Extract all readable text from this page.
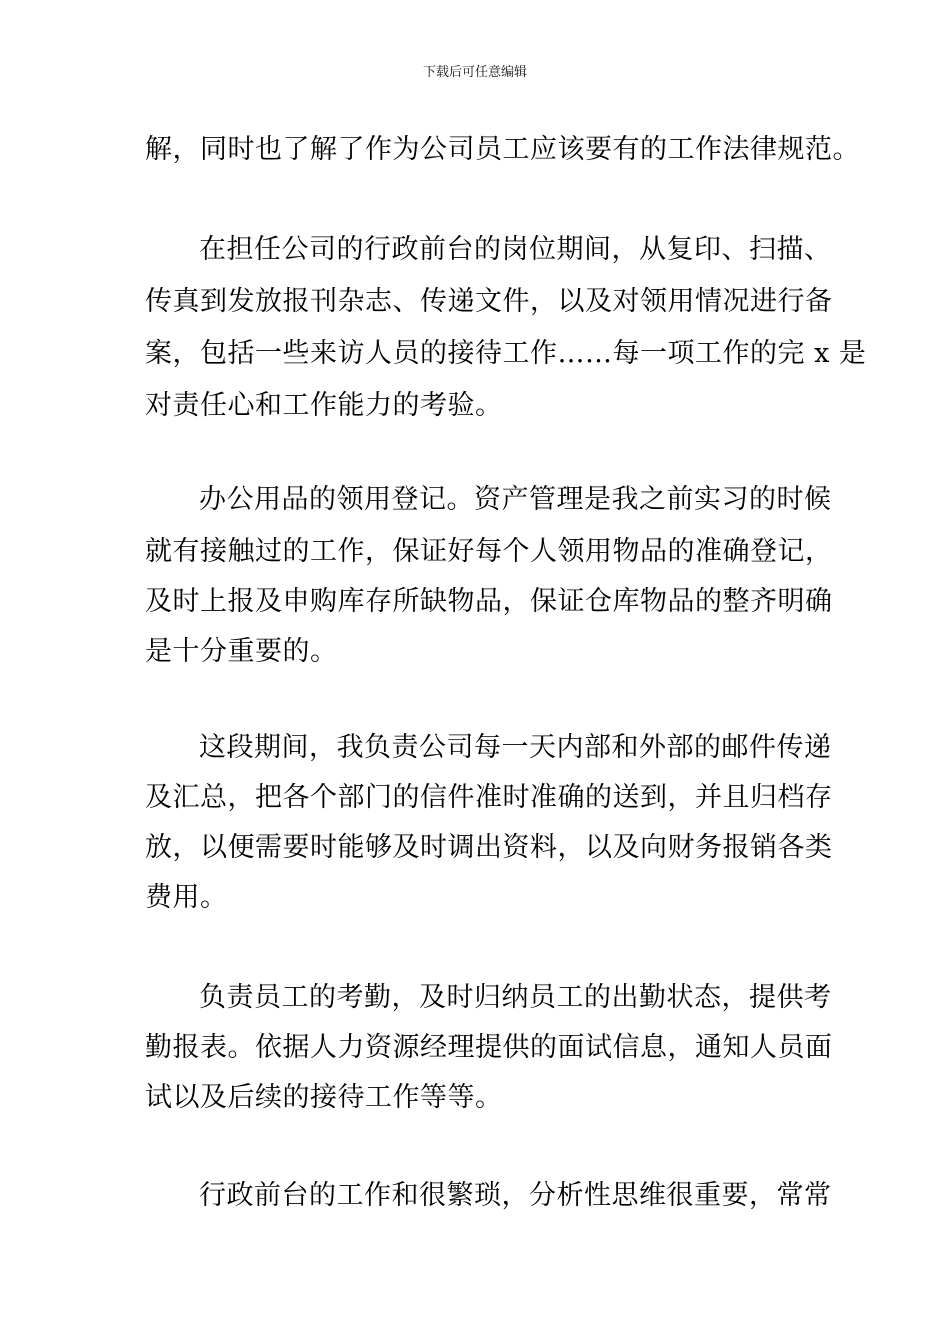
下载后可任意编辑
解，同时也了解了作为公司员工应该要有的工作法律规范。
在担任公司的行政前台的岗位期间，从复印、扫描、
传真到发放报刊杂志、传递文件，以及对领用情况进行备
案，包括一些来访人员的接待工作……每一项工作的完 x 是
对责任心和工作能力的考验。
办公用品的领用登记。资产管理是我之前实习的时候
就有接触过的工作，保证好每个人领用物品的准确登记，
及时上报及申购库存所缺物品，保证仓库物品的整齐明确
是十分重要的。
这段期间，我负责公司每一天内部和外部的邮件传递
及汇总，把各个部门的信件准时准确的送到，并且归档存
放，以便需要时能够及时调出资料，以及向财务报销各类
费用。
负责员工的考勤，及时归纳员工的出勤状态，提供考
勤报表。依据人力资源经理提供的面试信息，通知人员面
试以及后续的接待工作等等。
行政前台的工作和很繁琐，分析性思维很重要，常常
